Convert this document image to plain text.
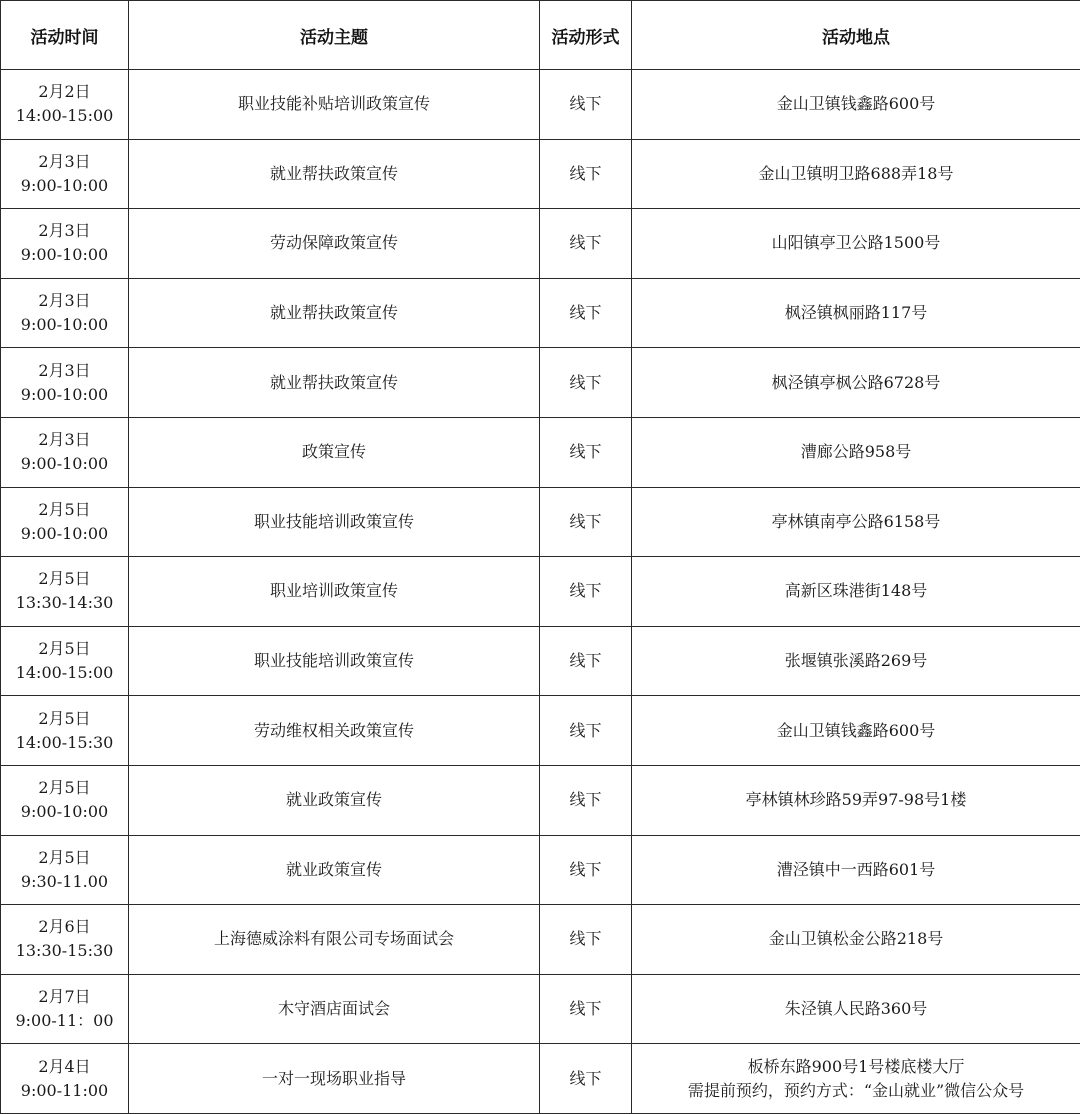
活动时间	活动主题	活动形式	活动地点

2月2日
14:00-15:00	职业技能补贴培训政策宣传	线下	金山卫镇钱鑫路600号

2月3日
9:00-10:00	就业帮扶政策宣传	线下	金山卫镇明卫路688弄18号

2月3日
9:00-10:00	劳动保障政策宣传	线下	山阳镇亭卫公路1500号

2月3日
9:00-10:00	就业帮扶政策宣传	线下	枫泾镇枫丽路117号

2月3日
9:00-10:00	就业帮扶政策宣传	线下	枫泾镇亭枫公路6728号

2月3日
9:00-10:00	政策宣传	线下	漕廊公路958号

2月5日
9:00-10:00	职业技能培训政策宣传	线下	亭林镇南亭公路6158号

2月5日
13:30-14:30	职业培训政策宣传	线下	高新区珠港街148号

2月5日
14:00-15:00	职业技能培训政策宣传	线下	张堰镇张溪路269号

2月5日
14:00-15:30	劳动维权相关政策宣传	线下	金山卫镇钱鑫路600号

2月5日
9:00-10:00	就业政策宣传	线下	亭林镇林珍路59弄97-98号1楼

2月5日
9:30-11.00	就业政策宣传	线下	漕泾镇中一西路601号

2月6日
13:30-15:30	上海德威涂料有限公司专场面试会	线下	金山卫镇松金公路218号

2月7日
9:00-11：00	木守酒店面试会	线下	朱泾镇人民路360号

2月4日
9:00-11:00	一对一现场职业指导	线下	板桥东路900号1号楼底楼大厅
需提前预约，预约方式：“金山就业”微信公众号
